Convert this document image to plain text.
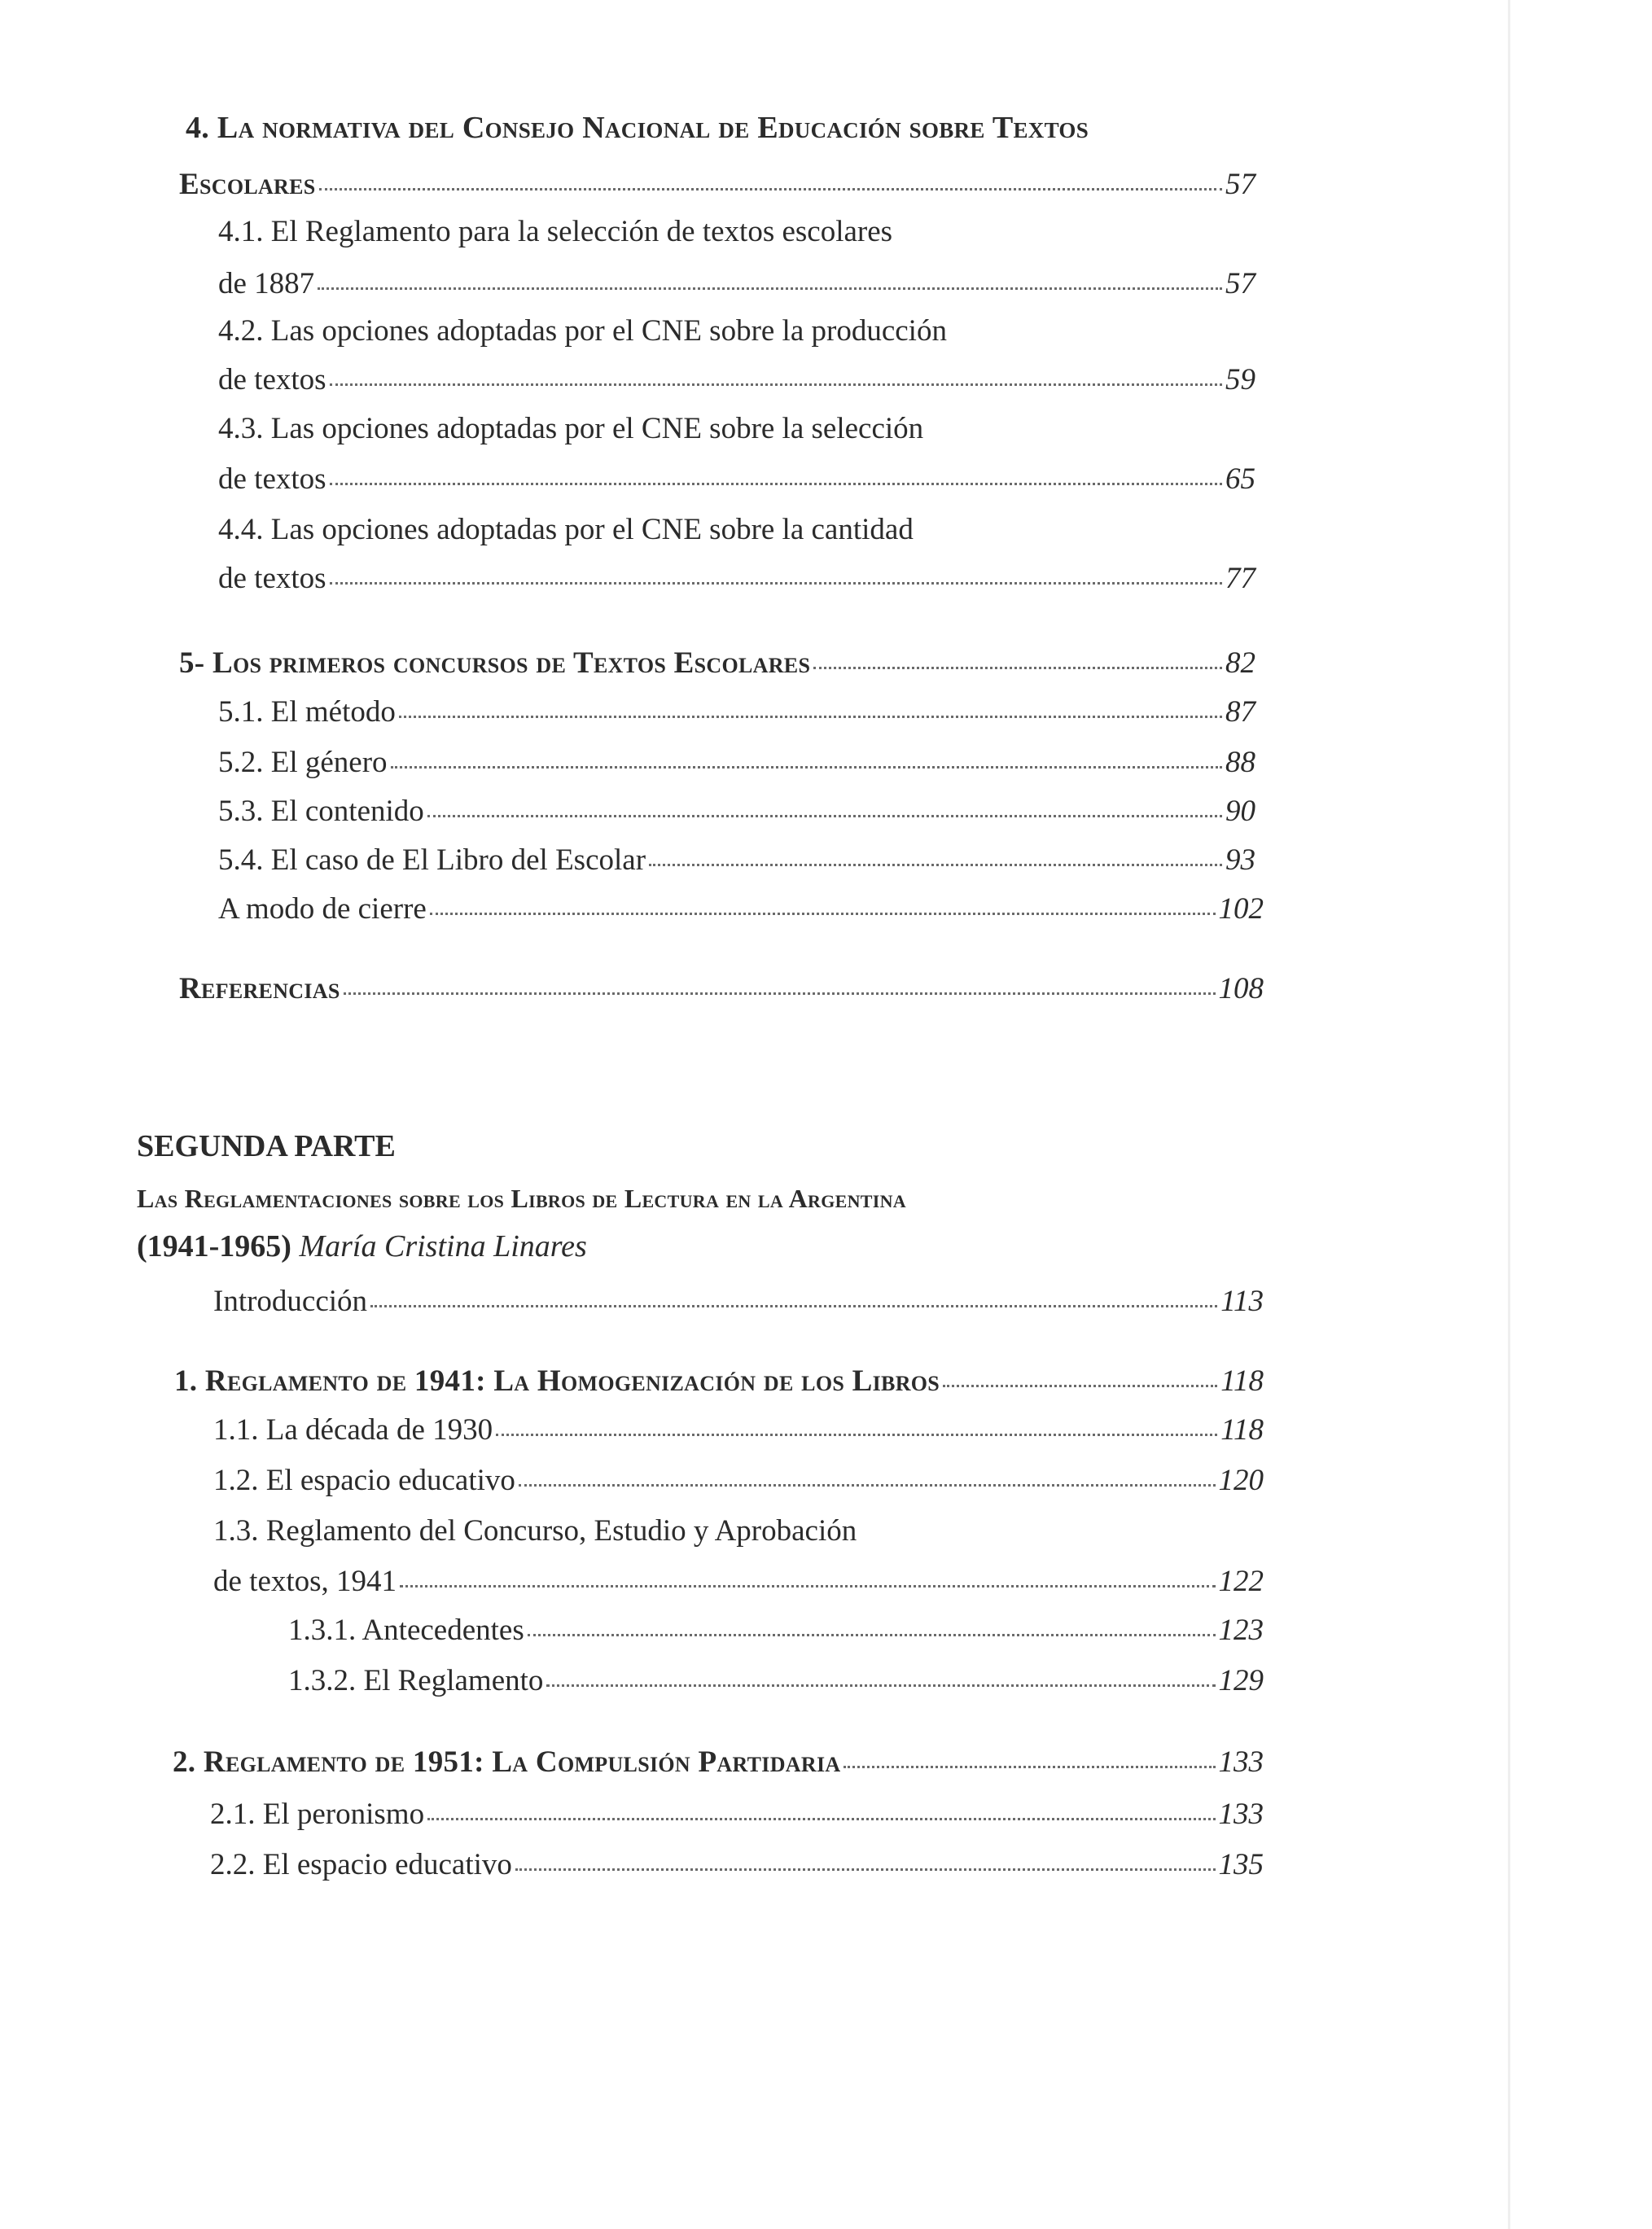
4. La normativa del Consejo Nacional de Educación sobre Textos
Escolares	57
4.1. El Reglamento para la selección de textos escolares
de 1887	57
4.2. Las opciones adoptadas por el CNE sobre la producción
de textos	59
4.3. Las opciones adoptadas por el CNE sobre la selección
de textos	65
4.4. Las opciones adoptadas por el CNE sobre la cantidad
de textos	77
5- Los primeros concursos de Textos Escolares	82
5.1. El método	87
5.2. El género	88
5.3. El contenido	90
5.4. El caso de El Libro del Escolar	93
A modo de cierre	102
Referencias	108
SEGUNDA PARTE
Las Reglamentaciones sobre los Libros de Lectura en la Argentina
(1941-1965) María Cristina Linares
Introducción	113
1. Reglamento de 1941: La Homogenización de los Libros	118
1.1. La década de 1930	118
1.2. El espacio educativo	120
1.3. Reglamento del Concurso, Estudio y Aprobación
de textos, 1941	122
1.3.1. Antecedentes	123
1.3.2. El Reglamento	129
2. Reglamento de 1951: La Compulsión Partidaria	133
2.1. El peronismo	133
2.2. El espacio educativo	135
